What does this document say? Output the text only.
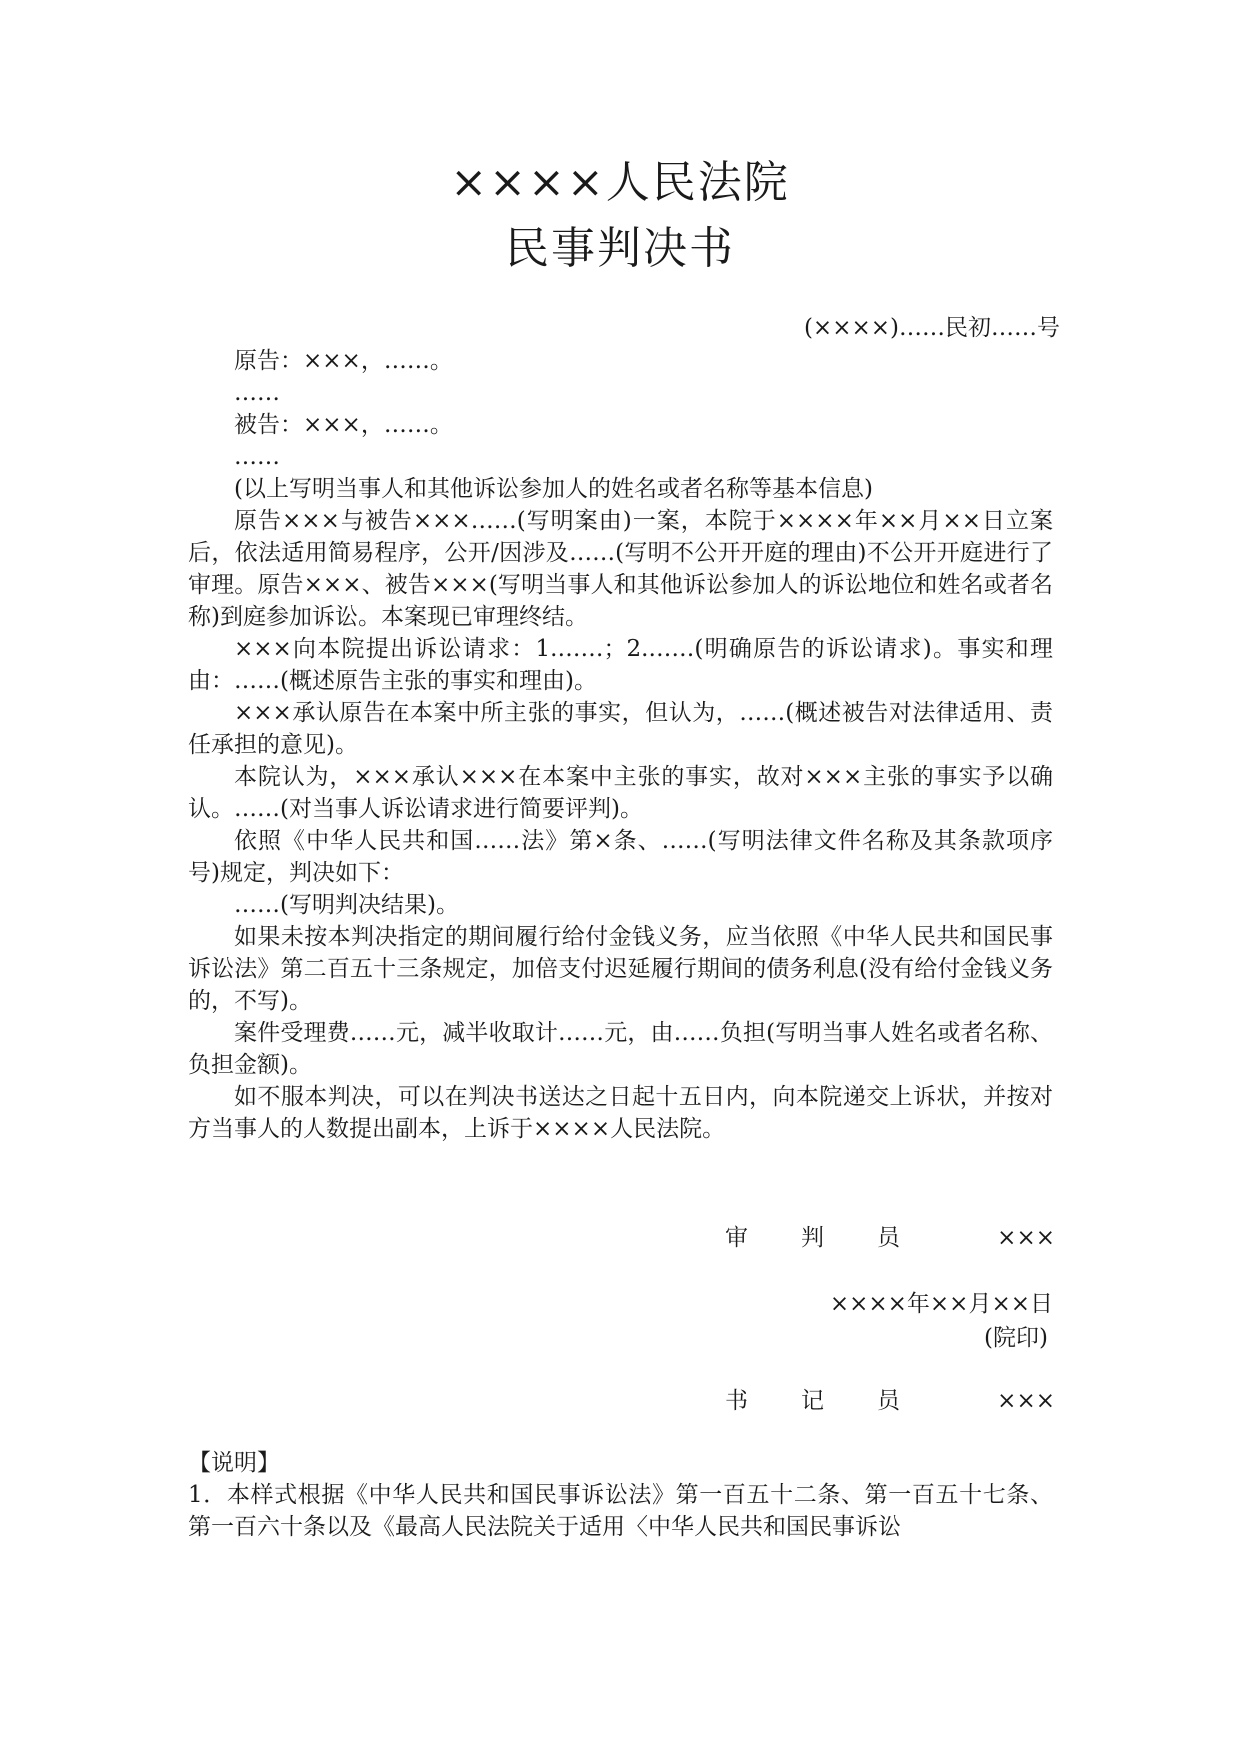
××××人民法院
民事判决书
(××××)……民初……号

原告：×××，……。

……

被告：×××，……。

……

(以上写明当事人和其他诉讼参加人的姓名或者名称等基本信息)

原告×××与被告×××……(写明案由)一案，本院于××××年××月××日立案后，依法适用简易程序，公开/因涉及……(写明不公开开庭的理由)不公开开庭进行了审理。原告×××、被告×××(写明当事人和其他诉讼参加人的诉讼地位和姓名或者名称)到庭参加诉讼。本案现已审理终结。

×××向本院提出诉讼请求：1.……；2.……(明确原告的诉讼请求)。事实和理由：……(概述原告主张的事实和理由)。

×××承认原告在本案中所主张的事实，但认为，……(概述被告对法律适用、责任承担的意见)。

本院认为，×××承认×××在本案中主张的事实，故对×××主张的事实予以确认。……(对当事人诉讼请求进行简要评判)。

依照《中华人民共和国……法》第×条、……(写明法律文件名称及其条款项序号)规定，判决如下：

……(写明判决结果)。

如果未按本判决指定的期间履行给付金钱义务，应当依照《中华人民共和国民事诉讼法》第二百五十三条规定，加倍支付迟延履行期间的债务利息(没有给付金钱义务的，不写)。

案件受理费……元，减半收取计……元，由……负担(写明当事人姓名或者名称、负担金额)。

如不服本判决，可以在判决书送达之日起十五日内，向本院递交上诉状，并按对方当事人的人数提出副本，上诉于××××人民法院。

审 判 员	×××
××××年××月××日
(院印)
书 记 员	×××

【说明】

1．本样式根据《中华人民共和国民事诉讼法》第一百五十二条、第一百五十七条、第一百六十条以及《最高人民法院关于适用〈中华人民共和国民事诉讼
